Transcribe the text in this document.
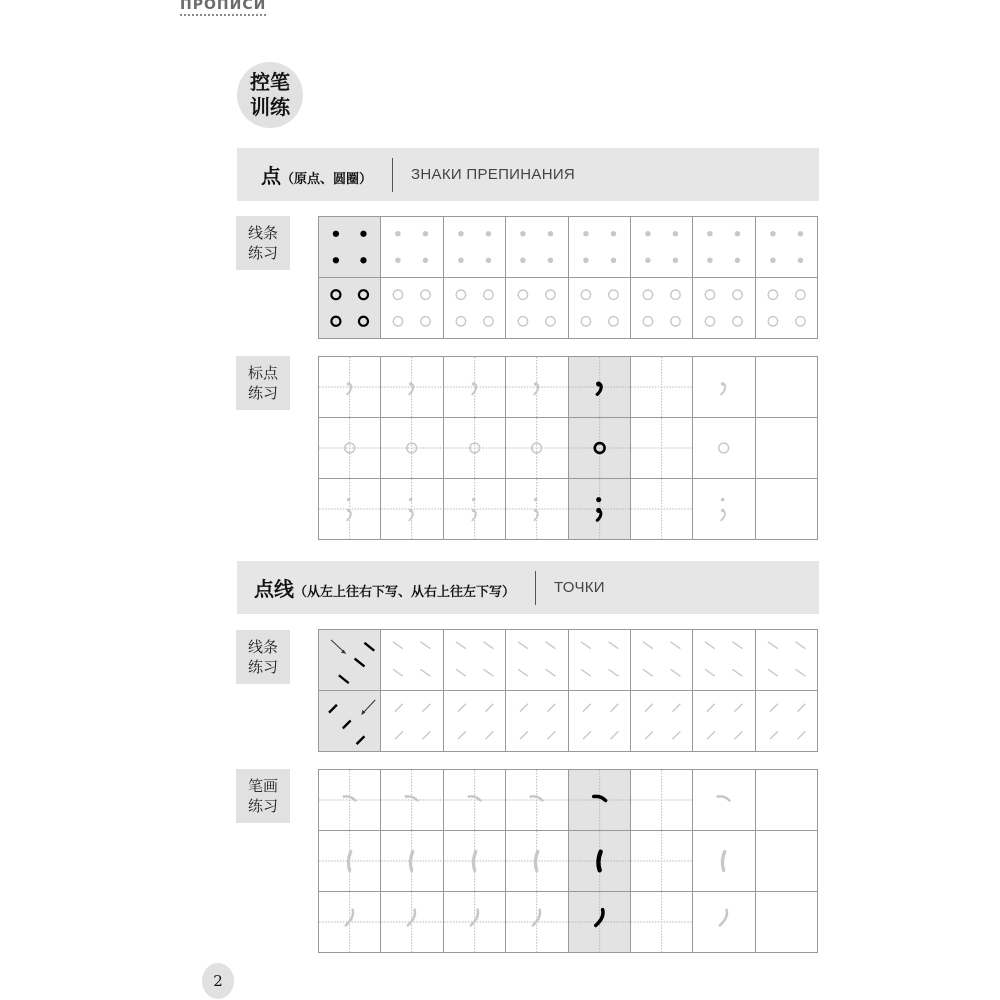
ПРОПИСИ
控笔
训练
点（原点、圆圈）	ЗНАКИ ПРЕПИНАНИЯ
线条
练习
标点
练习
点线（从左上往右下写、从右上往左下写）	ТОЧКИ
线条
练习
笔画
练习
2
